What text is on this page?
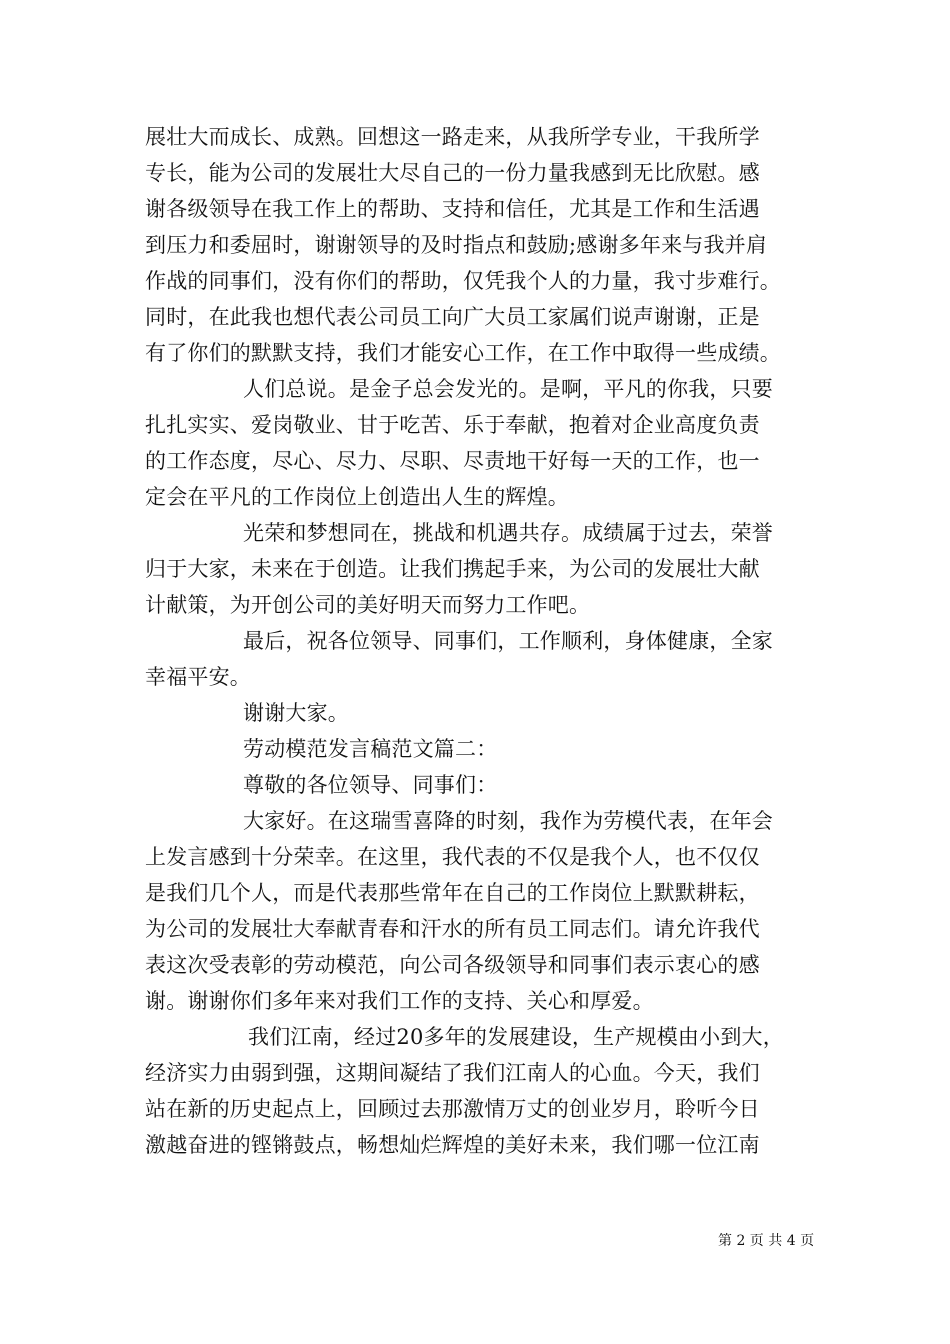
展壮大而成长、成熟。回想这一路走来，从我所学专业，干我所学
专长，能为公司的发展壮大尽自己的一份力量我感到无比欣慰。感
谢各级领导在我工作上的帮助、支持和信任，尤其是工作和生活遇
到压力和委屈时，谢谢领导的及时指点和鼓励;感谢多年来与我并肩
作战的同事们，没有你们的帮助，仅凭我个人的力量，我寸步难行。
同时，在此我也想代表公司员工向广大员工家属们说声谢谢，正是
有了你们的默默支持，我们才能安心工作，在工作中取得一些成绩。
人们总说。是金子总会发光的。是啊，平凡的你我，只要
扎扎实实、爱岗敬业、甘于吃苦、乐于奉献，抱着对企业高度负责
的工作态度，尽心、尽力、尽职、尽责地干好每一天的工作，也一
定会在平凡的工作岗位上创造出人生的辉煌。
光荣和梦想同在，挑战和机遇共存。成绩属于过去，荣誉
归于大家，未来在于创造。让我们携起手来，为公司的发展壮大献
计献策，为开创公司的美好明天而努力工作吧。
最后，祝各位领导、同事们，工作顺利，身体健康，全家
幸福平安。
谢谢大家。
劳动模范发言稿范文篇二：
尊敬的各位领导、同事们：
大家好。在这瑞雪喜降的时刻，我作为劳模代表，在年会
上发言感到十分荣幸。在这里，我代表的不仅是我个人，也不仅仅
是我们几个人，而是代表那些常年在自己的工作岗位上默默耕耘，
为公司的发展壮大奉献青春和汗水的所有员工同志们。请允许我代
表这次受表彰的劳动模范，向公司各级领导和同事们表示衷心的感
谢。谢谢你们多年来对我们工作的支持、关心和厚爱。
我们江南，经过20多年的发展建设，生产规模由小到大，
经济实力由弱到强，这期间凝结了我们江南人的心血。今天，我们
站在新的历史起点上，回顾过去那激情万丈的创业岁月，聆听今日
激越奋进的铿锵鼓点，畅想灿烂辉煌的美好未来，我们哪一位江南
第 2 页 共 4 页
